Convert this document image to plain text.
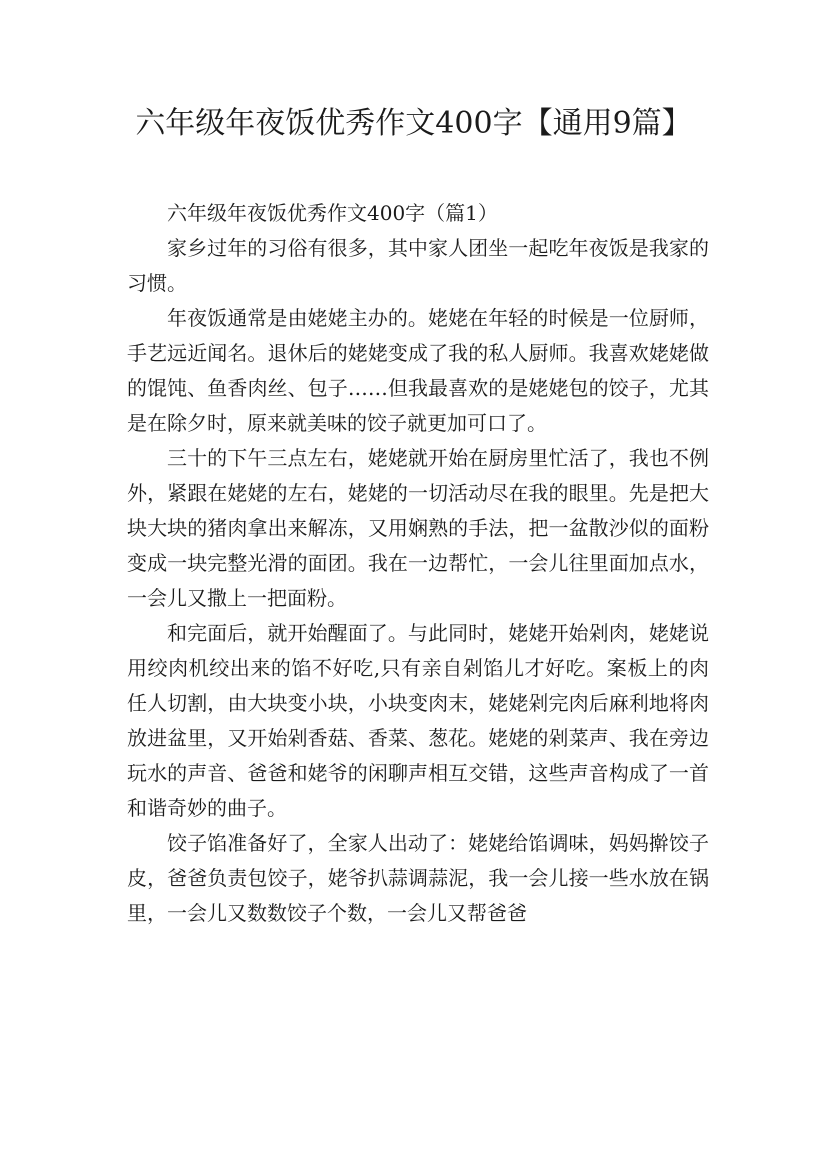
六年级年夜饭优秀作文400字【通用9篇】

六年级年夜饭优秀作文400字（篇1）

家乡过年的习俗有很多，其中家人团坐一起吃年夜饭是我家的习惯。

年夜饭通常是由姥姥主办的。姥姥在年轻的时候是一位厨师，手艺远近闻名。退休后的姥姥变成了我的私人厨师。我喜欢姥姥做的馄饨、鱼香肉丝、包子……但我最喜欢的是姥姥包的饺子，尤其是在除夕时，原来就美味的饺子就更加可口了。

三十的下午三点左右，姥姥就开始在厨房里忙活了，我也不例外，紧跟在姥姥的左右，姥姥的一切活动尽在我的眼里。先是把大块大块的猪肉拿出来解冻，又用娴熟的手法，把一盆散沙似的面粉变成一块完整光滑的面团。我在一边帮忙，一会儿往里面加点水，一会儿又撒上一把面粉。

和完面后，就开始醒面了。与此同时，姥姥开始剁肉，姥姥说用绞肉机绞出来的馅不好吃,只有亲自剁馅儿才好吃。案板上的肉任人切割，由大块变小块，小块变肉末，姥姥剁完肉后麻利地将肉放进盆里，又开始剁香菇、香菜、葱花。姥姥的剁菜声、我在旁边玩水的声音、爸爸和姥爷的闲聊声相互交错，这些声音构成了一首和谐奇妙的曲子。

饺子馅准备好了，全家人出动了：姥姥给馅调味，妈妈擀饺子皮，爸爸负责包饺子，姥爷扒蒜调蒜泥，我一会儿接一些水放在锅里，一会儿又数数饺子个数，一会儿又帮爸爸
